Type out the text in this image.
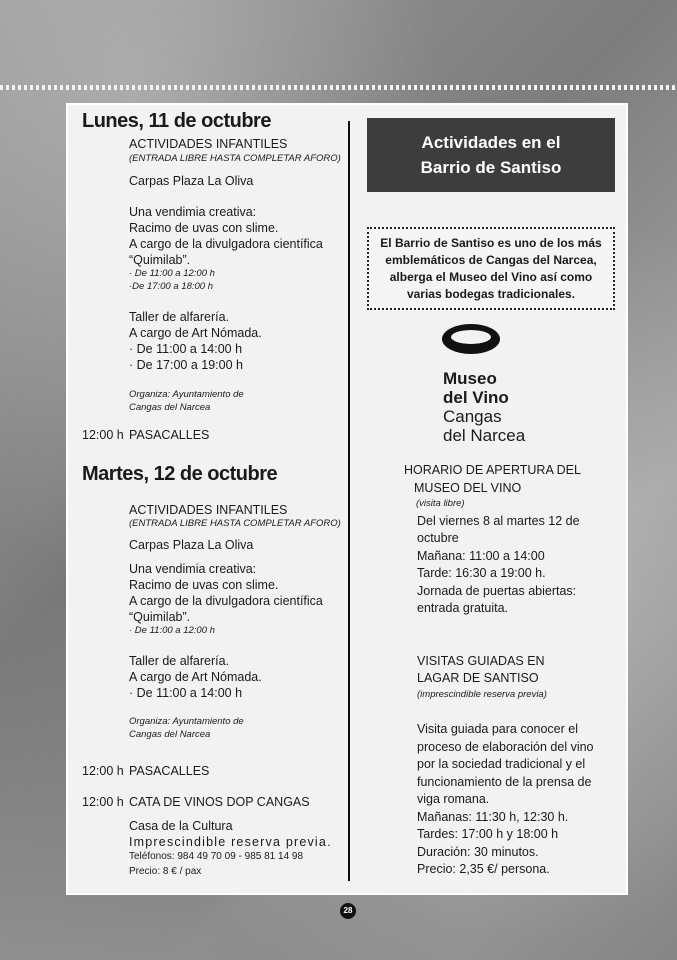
Lunes, 11 de octubre
ACTIVIDADES INFANTILES
(ENTRADA LIBRE HASTA COMPLETAR AFORO)
Carpas Plaza La Oliva
Una vendimia creativa:
Racimo de uvas con slime.
A cargo de la divulgadora científica
“Quimilab”.
· De 11:00 a 12:00 h
·De 17:00 a 18:00 h
Taller de alfarería.
A cargo de Art Nómada.
· De 11:00 a 14:00 h
· De 17:00 a 19:00 h
Organiza: Ayuntamiento de
Cangas del Narcea
12:00 h PASACALLES
Martes, 12 de octubre
ACTIVIDADES INFANTILES
(ENTRADA LIBRE HASTA COMPLETAR AFORO)
Carpas Plaza La Oliva
Una vendimia creativa:
Racimo de uvas con slime.
A cargo de la divulgadora científica
“Quimilab”.
· De 11:00 a 12:00 h
Taller de alfarería.
A cargo de Art Nómada.
· De 11:00 a 14:00 h
Organiza: Ayuntamiento de
Cangas del Narcea
12:00 h PASACALLES
12:00 h CATA DE VINOS DOP CANGAS
Casa de la Cultura
Imprescindible reserva previa.
Teléfonos: 984 49 70 09 - 985 81 14 98
Precio: 8 € / pax
Actividades en el
Barrio de Santiso
El Barrio de Santiso es uno de los más
emblemáticos de Cangas del Narcea,
alberga el Museo del Vino así como
varias bodegas tradicionales.
Museo
del Vino
Cangas
del Narcea
HORARIO DE APERTURA DEL
MUSEO DEL VINO
(visita libre)
Del viernes 8 al martes 12 de
octubre
Mañana: 11:00 a 14:00
Tarde: 16:30 a 19:00 h.
Jornada de puertas abiertas:
entrada gratuita.
VISITAS GUIADAS EN
LAGAR DE SANTISO
(imprescindible reserva previa)
Visita guiada para conocer el
proceso de elaboración del vino
por la sociedad tradicional y el
funcionamiento de la prensa de
viga romana.
Mañanas: 11:30 h, 12:30 h.
Tardes: 17:00 h y 18:00 h
Duración: 30 minutos.
Precio: 2,35 €/ persona.
28
